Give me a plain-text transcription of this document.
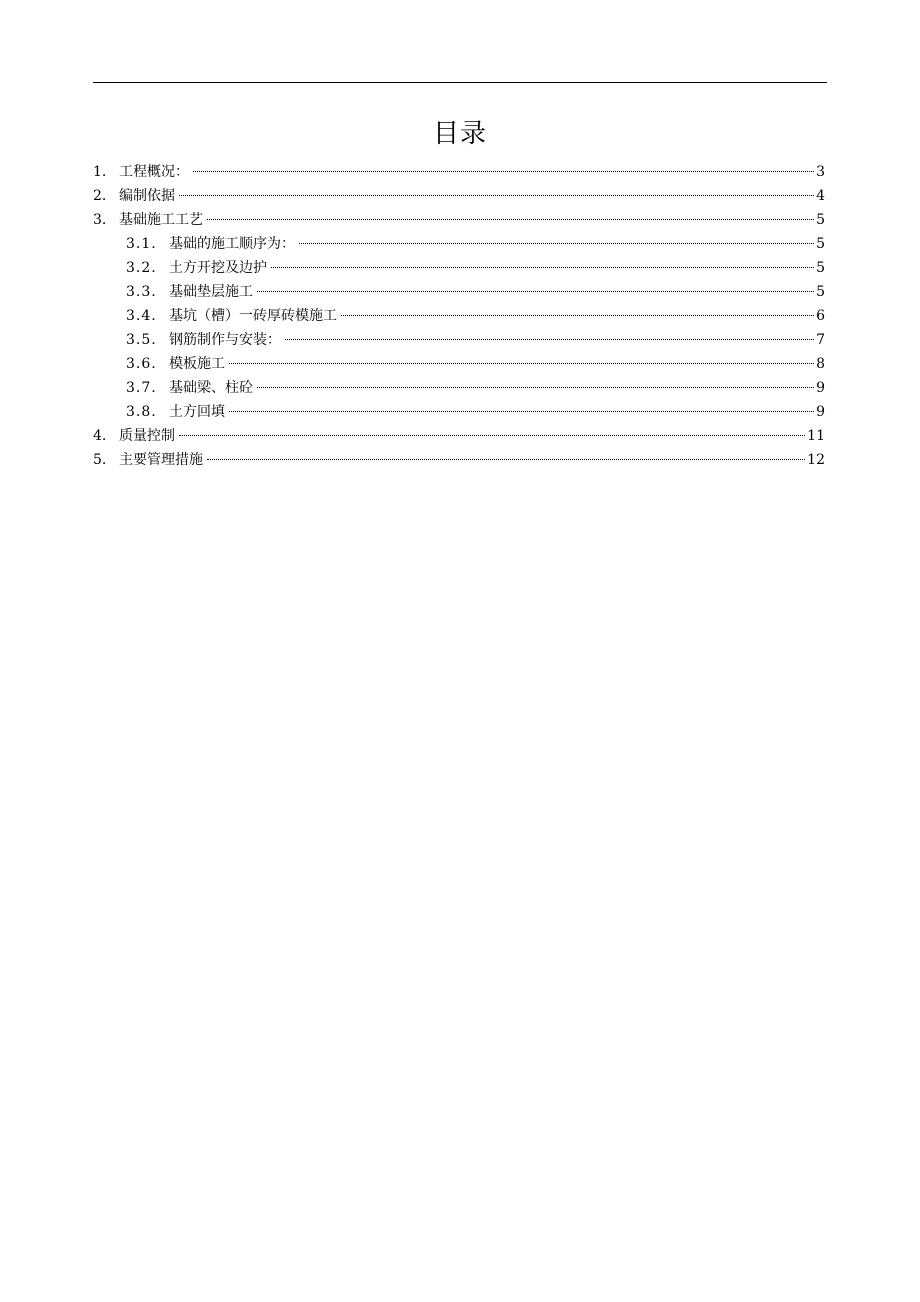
目录
1. 工程概况：	3
2. 编制依据	4
3. 基础施工工艺	5
3.1. 基础的施工顺序为：	5
3.2. 土方开挖及边护	5
3.3. 基础垫层施工	5
3.4. 基坑（槽）一砖厚砖模施工	6
3.5. 钢筋制作与安装：	7
3.6. 模板施工	8
3.7. 基础梁、柱砼	9
3.8. 土方回填	9
4. 质量控制	11
5. 主要管理措施	12
